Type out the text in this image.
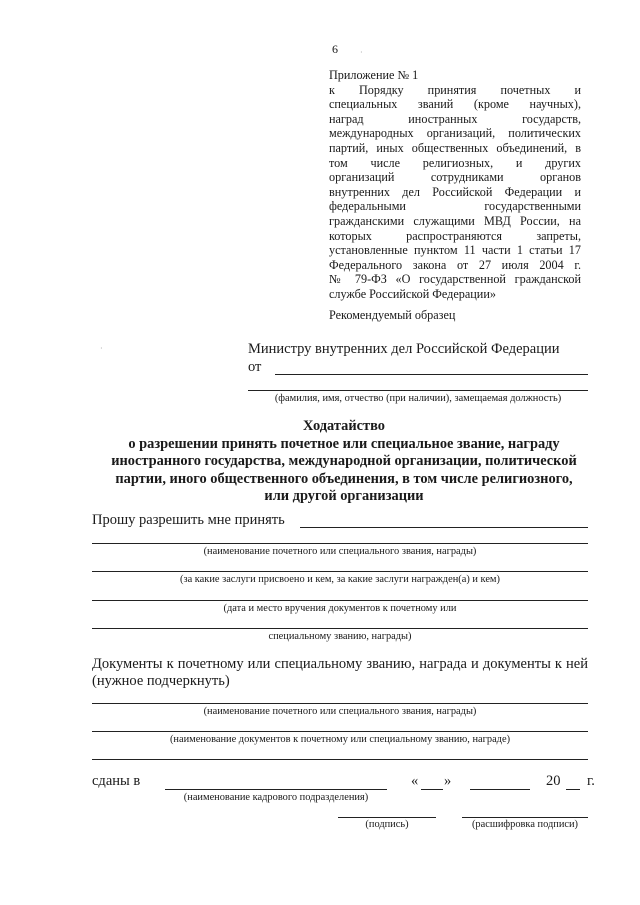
6	·
Приложение № 1
к Порядку принятия почетных и
специальных званий (кроме научных),
наград иностранных государств,
международных организаций, политических
партий, иных общественных объединений, в
том числе религиозных, и других
организаций сотрудниками органов
внутренних дел Российской Федерации и
федеральными государственными
гражданскими служащими МВД России, на
которых распространяются запреты,
установленные пунктом 11 части 1 статьи 17
Федерального закона от 27 июля 2004 г.
№ 79-ФЗ «О государственной гражданской
службе Российской Федерации»
Рекомендуемый образец
·	Министру внутренних дел Российской Федерации
от
(фамилия, имя, отчество (при наличии), замещаемая должность)
Ходатайство
о разрешении принять почетное или специальное звание, награду
иностранного государства, международной организации, политической
партии, иного общественного объединения, в том числе религиозного,
или другой организации
Прошу разрешить мне принять
(наименование почетного или специального звания, награды)
(за какие заслуги присвоено и кем, за какие заслуги награжден(а) и кем)
(дата и место вручения документов к почетному или
специальному званию, награды)
Документы к почетному или специальному званию, награда и документы к ней (нужное подчеркнуть)
(наименование почетного или специального звания, награды)
(наименование документов к почетному или специальному званию, награде)
сданы в
(наименование кадрового подразделения)
« »	20 г.
(подпись)	(расшифровка подписи)
